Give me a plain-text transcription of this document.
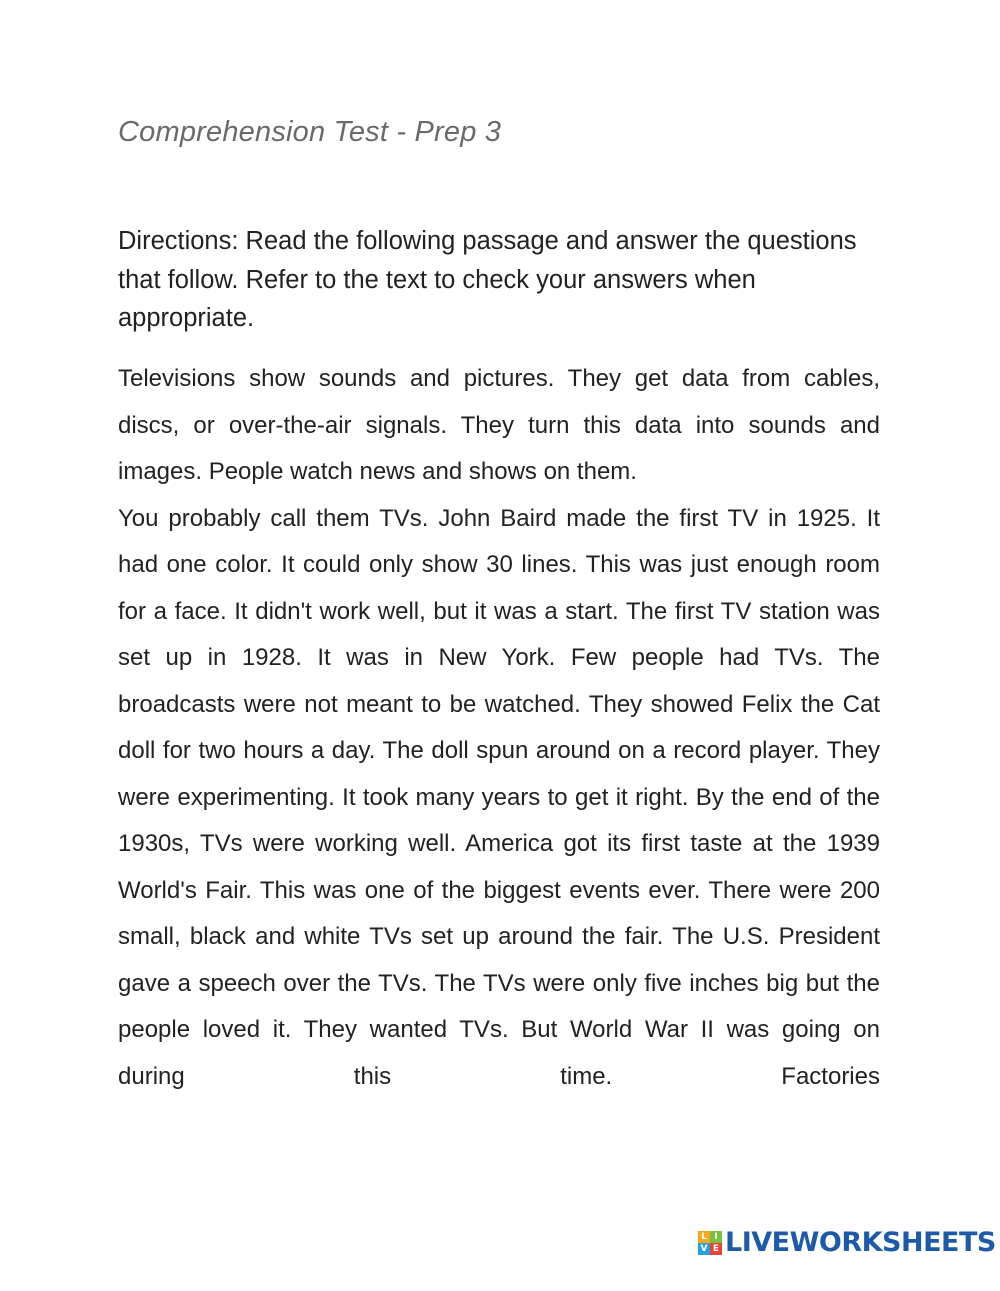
Comprehension Test - Prep 3

Directions: Read the following passage and answer the questions that follow. Refer to the text to check your answers when appropriate.

Televisions show sounds and pictures. They get data from cables, discs, or over-the-air signals. They turn this data into sounds and images. People watch news and shows on them.

You probably call them TVs. John Baird made the first TV in 1925. It had one color. It could only show 30 lines. This was just enough room for a face. It didn't work well, but it was a start. The first TV station was set up in 1928. It was in New York. Few people had TVs. The broadcasts were not meant to be watched. They showed Felix the Cat doll for two hours a day. The doll spun around on a record player. They were experimenting. It took many years to get it right. By the end of the 1930s, TVs were working well. America got its first taste at the 1939 World's Fair. This was one of the biggest events ever. There were 200 small, black and white TVs set up around the fair. The U.S. President gave a speech over the TVs. The TVs were only five inches big but the people loved it. They wanted TVs. But World War II was going on during this time. Factories

L I
V E LIVEWORKSHEETS
